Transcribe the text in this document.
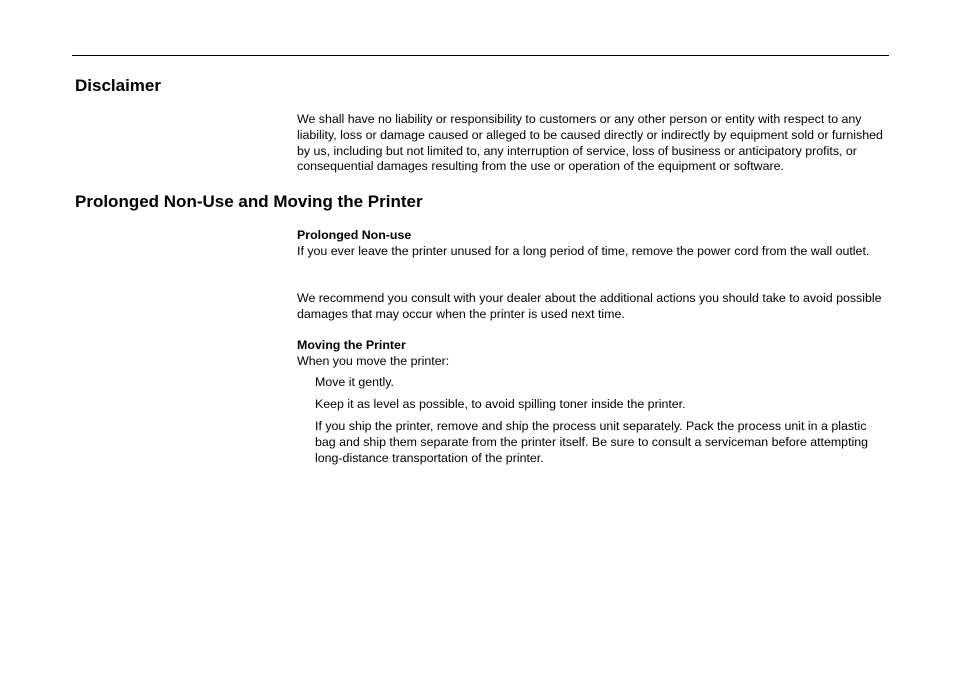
Disclaimer

We shall have no liability or responsibility to customers or any other person or entity with respect to any liability, loss or damage caused or alleged to be caused directly or indirectly by equipment sold or furnished by us, including but not limited to, any interruption of service, loss of business or anticipatory profits, or consequential damages resulting from the use or operation of the equipment or software.

Prolonged Non-Use and Moving the Printer
Prolonged Non-use

If you ever leave the printer unused for a long period of time, remove the power cord from the wall outlet.

We recommend you consult with your dealer about the additional actions you should take to avoid possible damages that may occur when the printer is used next time.

Moving the Printer

When you move the printer:

Move it gently.

Keep it as level as possible, to avoid spilling toner inside the printer.

If you ship the printer, remove and ship the process unit separately. Pack the process unit in a plastic bag and ship them separate from the printer itself. Be sure to consult a serviceman before attempting long-distance transportation of the printer.
